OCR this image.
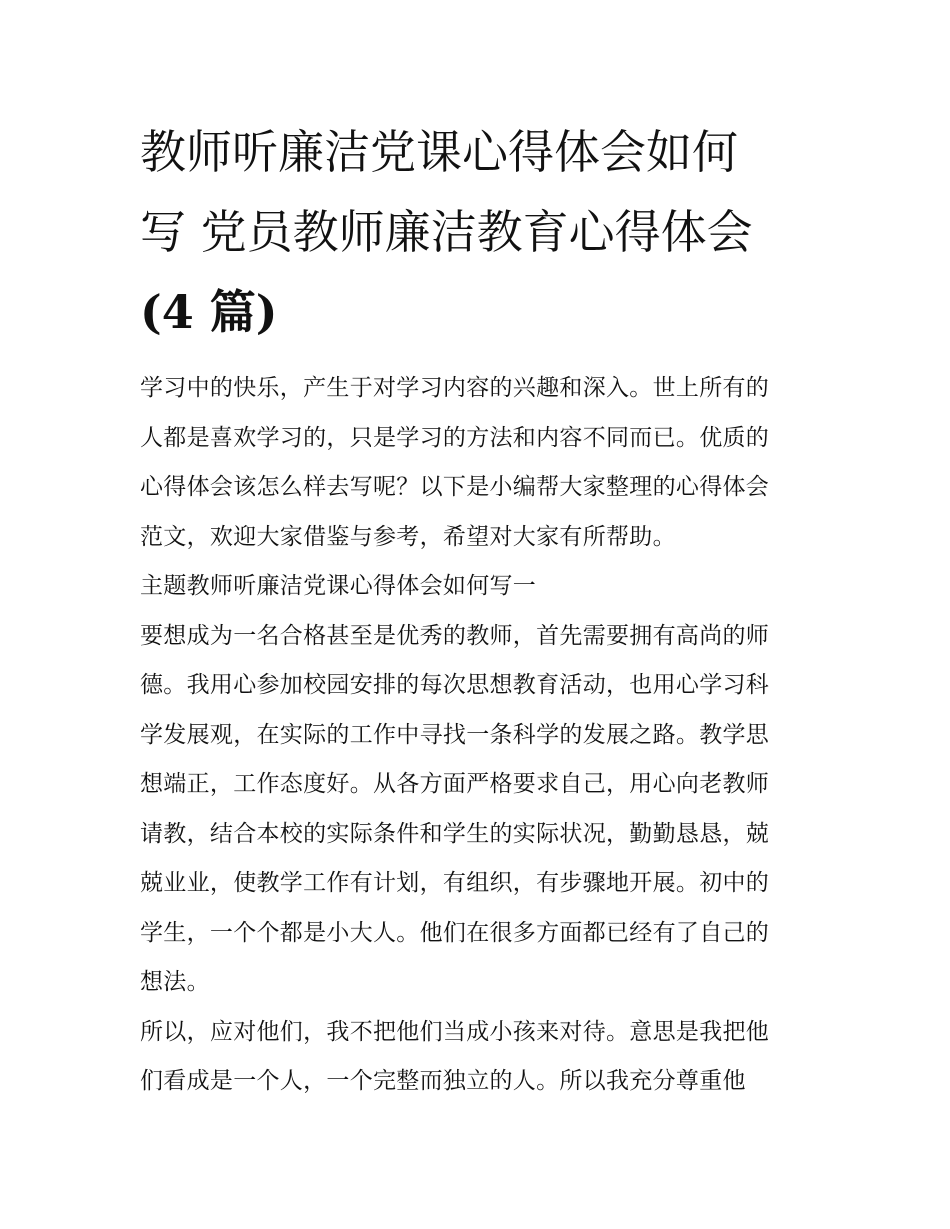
教师听廉洁党课心得体会如何
写 党员教师廉洁教育心得体会
(4 篇)

学习中的快乐，产生于对学习内容的兴趣和深入。世上所有的
人都是喜欢学习的，只是学习的方法和内容不同而已。优质的
心得体会该怎么样去写呢？以下是小编帮大家整理的心得体会
范文，欢迎大家借鉴与参考，希望对大家有所帮助。

主题教师听廉洁党课心得体会如何写一

要想成为一名合格甚至是优秀的教师，首先需要拥有高尚的师
德。我用心参加校园安排的每次思想教育活动，也用心学习科
学发展观，在实际的工作中寻找一条科学的发展之路。教学思
想端正，工作态度好。从各方面严格要求自己，用心向老教师
请教，结合本校的实际条件和学生的实际状况，勤勤恳恳，兢
兢业业，使教学工作有计划，有组织，有步骤地开展。初中的
学生，一个个都是小大人。他们在很多方面都已经有了自己的
想法。

所以，应对他们，我不把他们当成小孩来对待。意思是我把他
们看成是一个人，一个完整而独立的人。所以我充分尊重他
